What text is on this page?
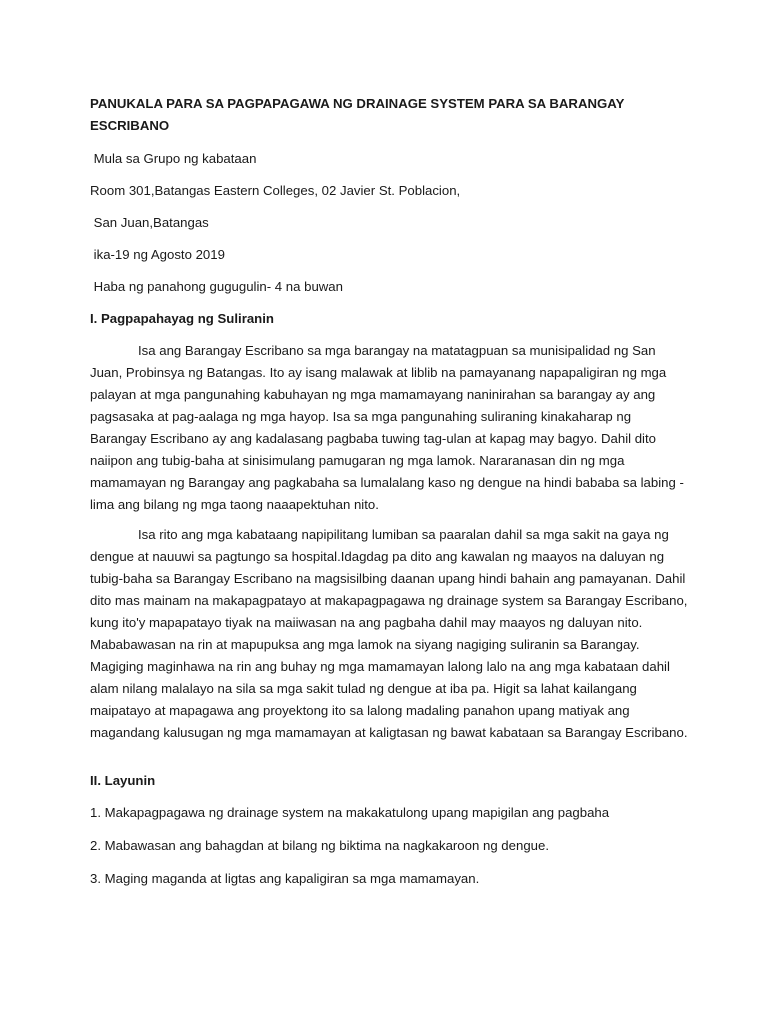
PANUKALA PARA SA PAGPAPAGAWA NG DRAINAGE SYSTEM PARA SA BARANGAY ESCRIBANO
Mula sa Grupo ng kabataan
Room 301,Batangas Eastern Colleges, 02 Javier St. Poblacion,
San Juan,Batangas
ika-19 ng Agosto 2019
Haba ng panahong gugugulin- 4 na buwan
I. Pagpapahayag ng Suliranin
Isa ang Barangay Escribano sa mga barangay na matatagpuan sa munisipalidad ng San Juan, Probinsya ng Batangas. Ito ay isang malawak at liblib na pamayanang napapaligiran ng mga palayan at mga pangunahing kabuhayan ng mga mamamayang naninirahan sa barangay ay ang pagsasaka at pag-aalaga ng mga hayop. Isa sa mga pangunahing suliraning kinakaharap ng Barangay Escribano ay ang kadalasang pagbaba tuwing tag-ulan at kapag may bagyo. Dahil dito naiipon ang tubig-baha at sinisimulang pamugaran ng mga lamok. Nararanasan din ng mga mamamayan ng Barangay ang pagkabaha sa lumalalang kaso ng dengue na hindi bababa sa labing -lima ang bilang ng mga taong naaapektuhan nito.
Isa rito ang mga kabataang napipilitang lumiban sa paaralan dahil sa mga sakit na gaya ng dengue at nauuwi sa pagtungo sa hospital.Idagdag pa dito ang kawalan ng maayos na daluyan ng tubig-baha sa Barangay Escribano na magsisilbing daanan upang hindi bahain ang pamayanan. Dahil dito mas mainam na makapagpatayo at makapagpagawa ng drainage system sa Barangay Escribano, kung ito'y mapapatayo tiyak na maiiwasan na ang pagbaha dahil may maayos ng daluyan nito. Mababawasan na rin at mapupuksa ang mga lamok na siyang nagiging suliranin sa Barangay. Magiging maginhawa na rin ang buhay ng mga mamamayan lalong lalo na ang mga kabataan dahil alam nilang malalayo na sila sa mga sakit tulad ng dengue at iba pa. Higit sa lahat kailangang maipatayo at mapagawa ang proyektong ito sa lalong madaling panahon upang matiyak ang magandang kalusugan ng mga mamamayan at kaligtasan ng bawat kabataan sa Barangay Escribano.
II. Layunin
1. Makapagpagawa ng drainage system na makakatulong upang mapigilan ang pagbaha
2. Mabawasan ang bahagdan at bilang ng biktima na nagkakaroon ng dengue.
3. Maging maganda at ligtas ang kapaligiran sa mga mamamayan.
